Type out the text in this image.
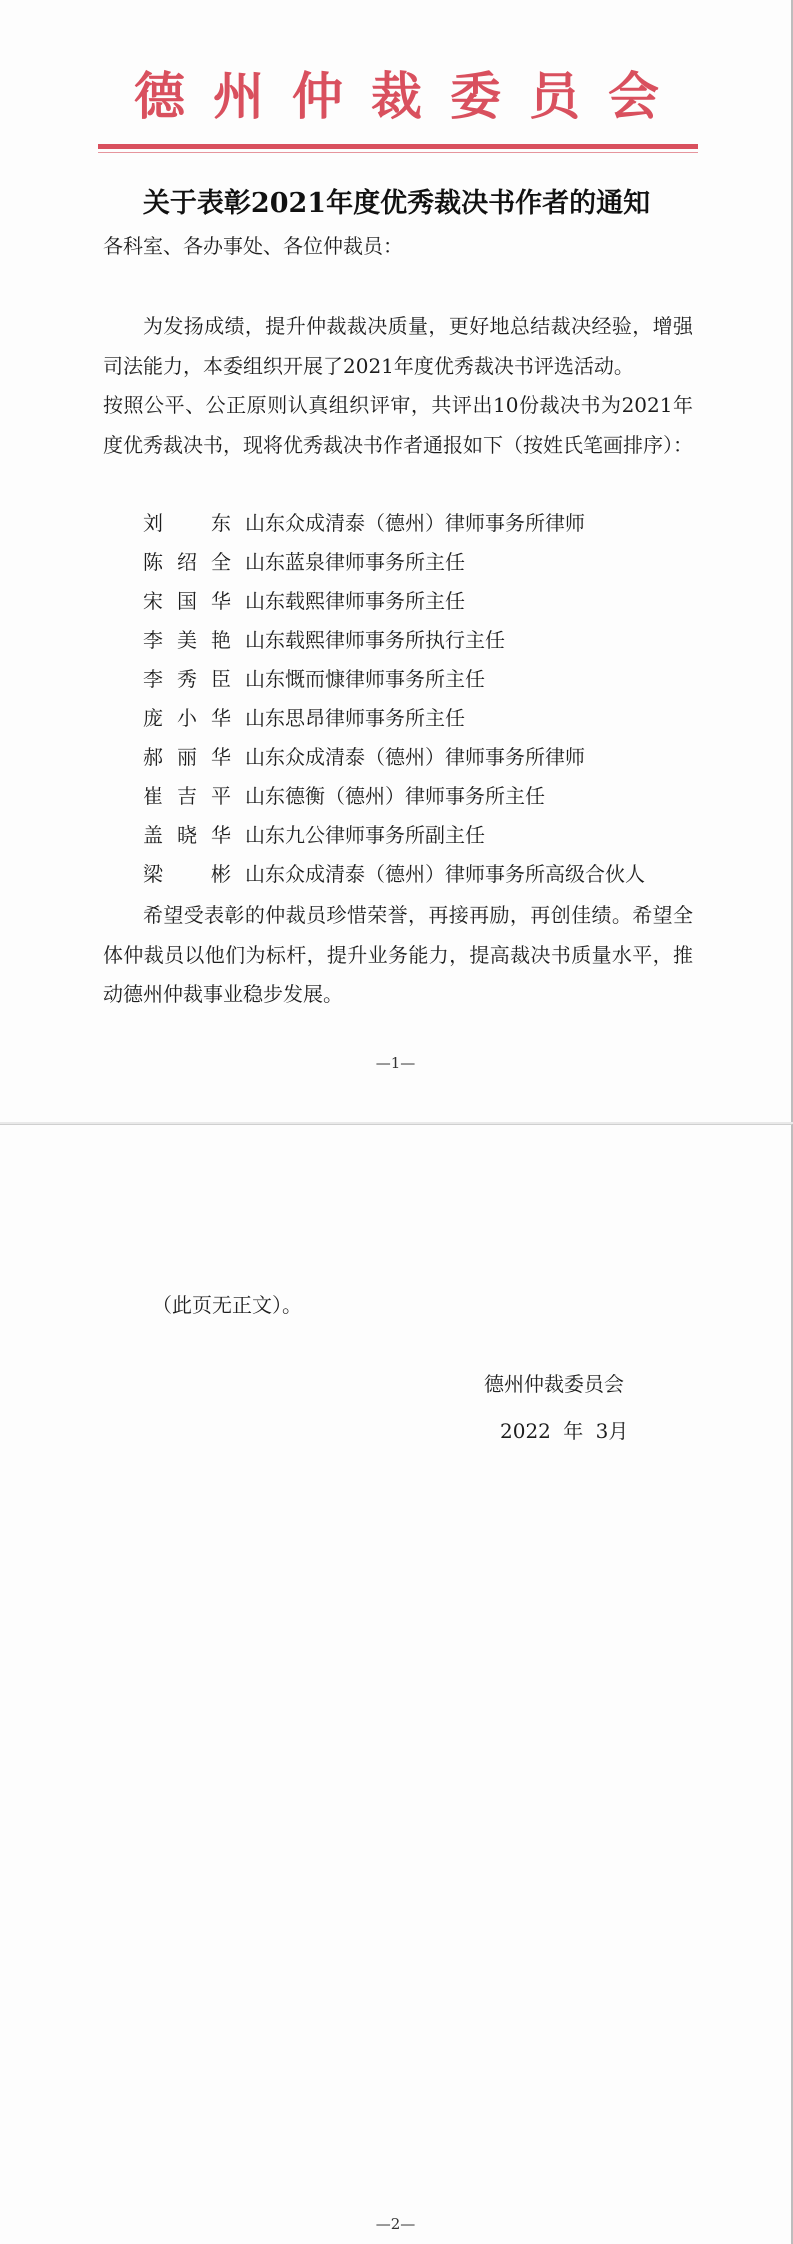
德州仲裁委员会
关于表彰2021年度优秀裁决书作者的通知
各科室、各办事处、各位仲裁员：
为发扬成绩，提升仲裁裁决质量，更好地总结裁决经验，增强司法能力，本委组织开展了2021年度优秀裁决书评选活动。
按照公平、公正原则认真组织评审，共评出10份裁决书为2021年度优秀裁决书，现将优秀裁决书作者通报如下（按姓氏笔画排序）：
刘　东 山东众成清泰（德州）律师事务所律师
陈绍全 山东蓝泉律师事务所主任
宋国华 山东载熙律师事务所主任
李美艳 山东载熙律师事务所执行主任
李秀臣 山东慨而慷律师事务所主任
庞小华 山东思昂律师事务所主任
郝丽华 山东众成清泰（德州）律师事务所律师
崔吉平 山东德衡（德州）律师事务所主任
盖晓华 山东九公律师事务所副主任
梁　彬 山东众成清泰（德州）律师事务所高级合伙人
希望受表彰的仲裁员珍惜荣誉，再接再励，再创佳绩。希望全体仲裁员以他们为标杆，提升业务能力，提高裁决书质量水平，推动德州仲裁事业稳步发展。
—1—
（此页无正文）。
德州仲裁委员会
2022 年 3月
—2—
